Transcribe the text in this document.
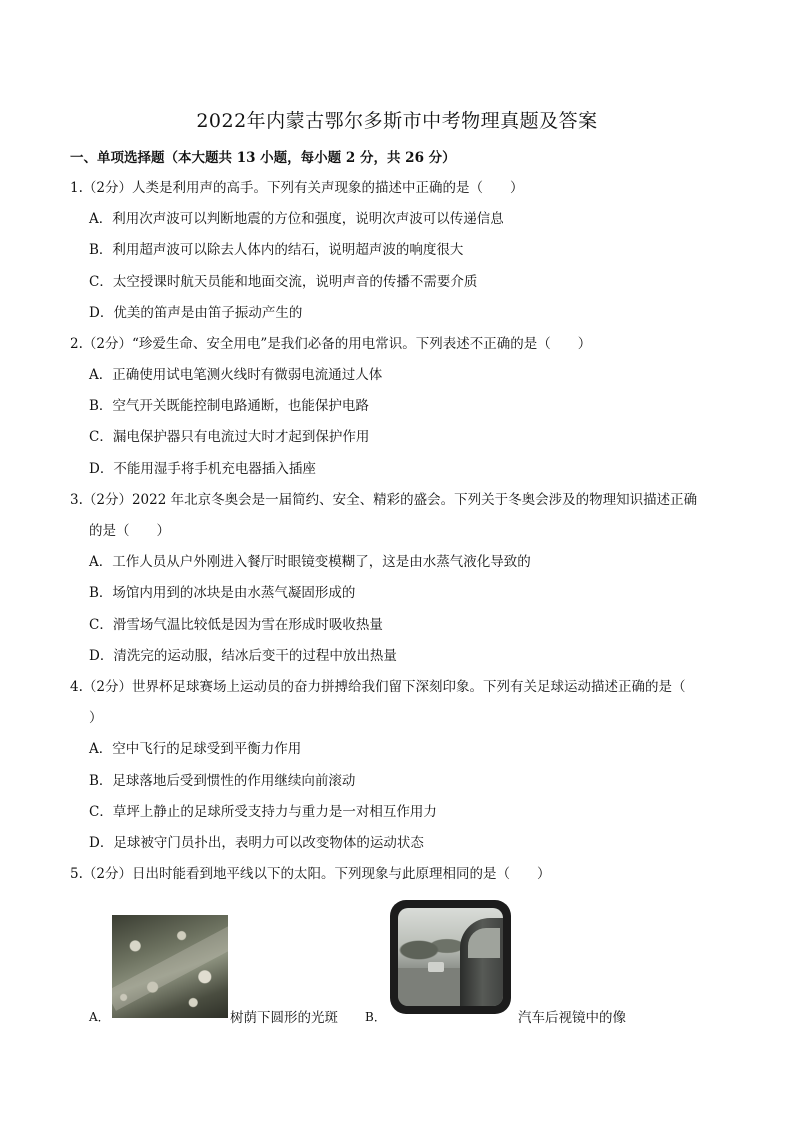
2022年内蒙古鄂尔多斯市中考物理真题及答案
一、单项选择题（本大题共 13 小题，每小题 2 分，共 26 分）
1.（2分）人类是利用声的高手。下列有关声现象的描述中正确的是（　　）
A．利用次声波可以判断地震的方位和强度，说明次声波可以传递信息
B．利用超声波可以除去人体内的结石，说明超声波的响度很大
C．太空授课时航天员能和地面交流，说明声音的传播不需要介质
D．优美的笛声是由笛子振动产生的
2.（2分）“珍爱生命、安全用电”是我们必备的用电常识。下列表述不正确的是（　　）
A．正确使用试电笔测火线时有微弱电流通过人体
B．空气开关既能控制电路通断，也能保护电路
C．漏电保护器只有电流过大时才起到保护作用
D．不能用湿手将手机充电器插入插座
3.（2分）2022 年北京冬奥会是一届简约、安全、精彩的盛会。下列关于冬奥会涉及的物理知识描述正确
的是（　　）
A．工作人员从户外刚进入餐厅时眼镜变模糊了，这是由水蒸气液化导致的
B．场馆内用到的冰块是由水蒸气凝固形成的
C．滑雪场气温比较低是因为雪在形成时吸收热量
D．清洗完的运动服，结冰后变干的过程中放出热量
4.（2分）世界杯足球赛场上运动员的奋力拼搏给我们留下深刻印象。下列有关足球运动描述正确的是（
）
A．空中飞行的足球受到平衡力作用
B．足球落地后受到惯性的作用继续向前滚动
C．草坪上静止的足球所受支持力与重力是一对相互作用力
D．足球被守门员扑出，表明力可以改变物体的运动状态
5.（2分）日出时能看到地平线以下的太阳。下列现象与此原理相同的是（　　）
A．	树荫下圆形的光斑 B．	汽车后视镜中的像
